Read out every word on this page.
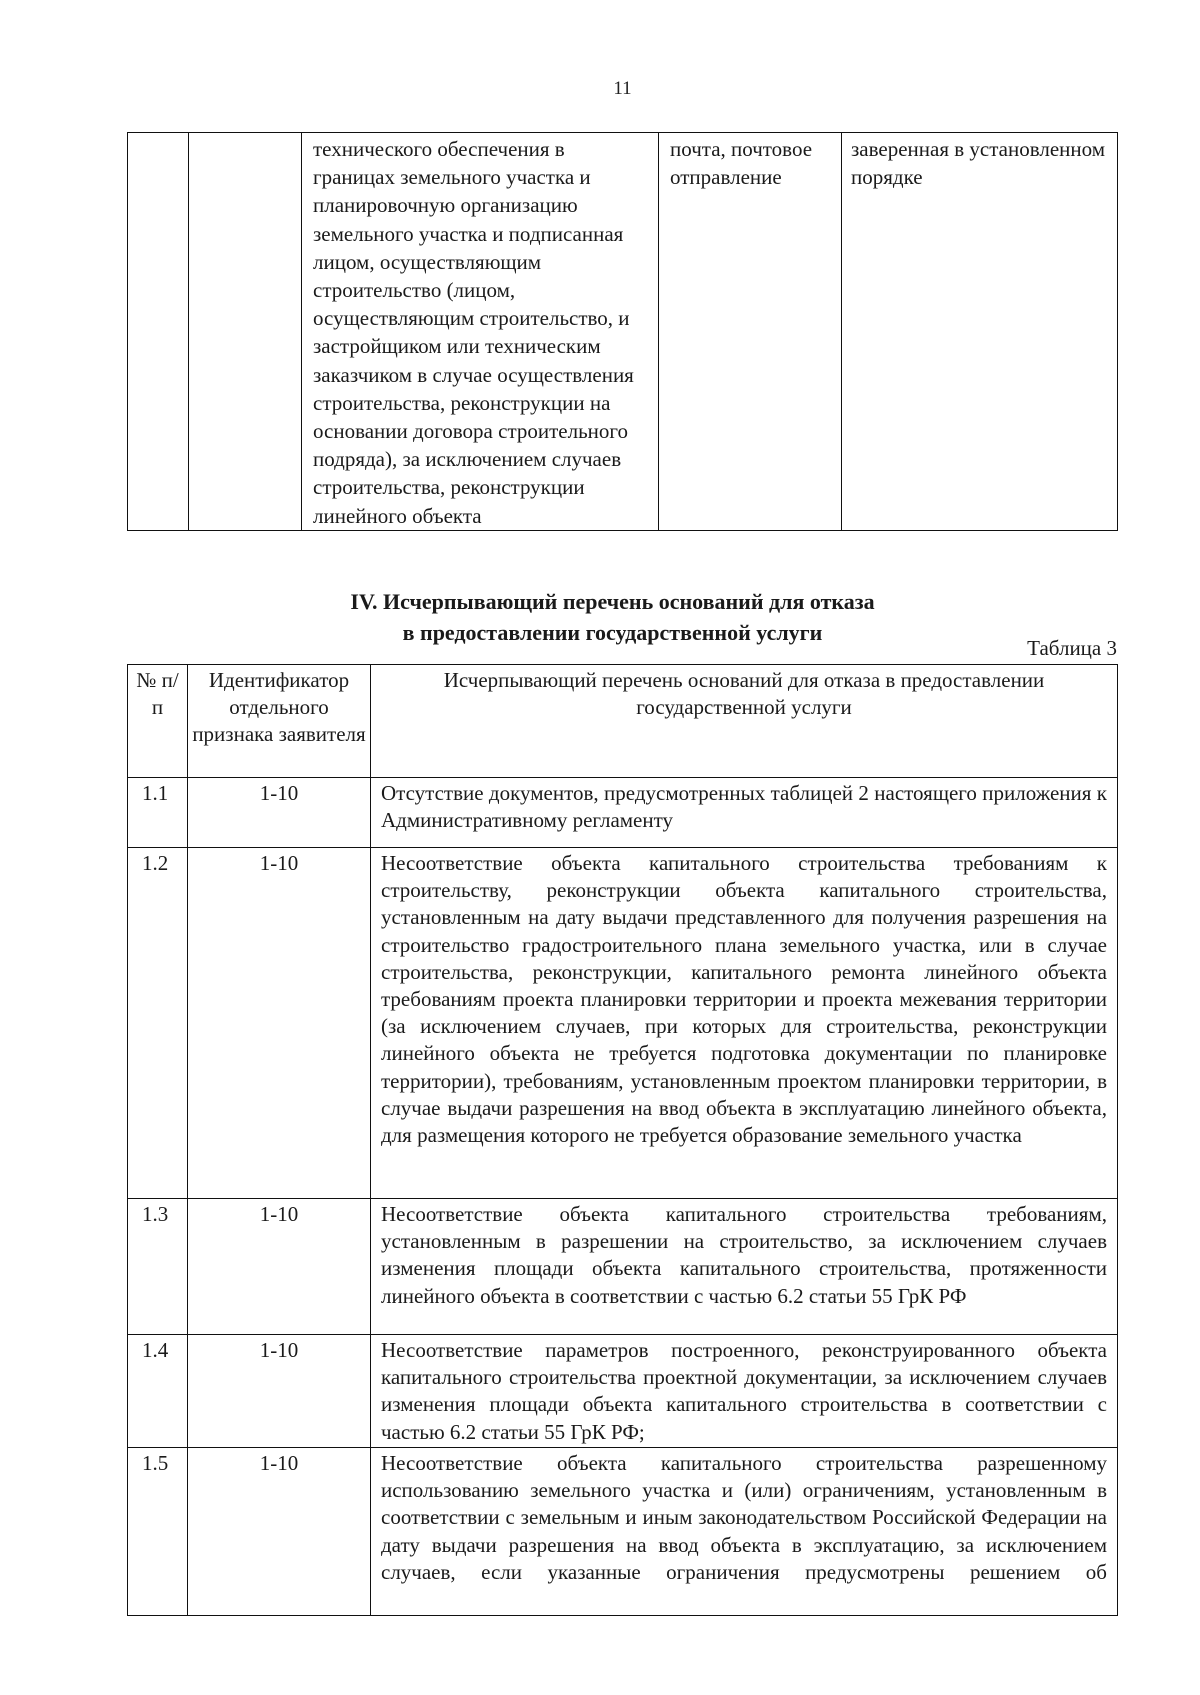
11
		технического обеспечения в границах земельного участка и планировочную организацию земельного участка и подписанная лицом, осуществляющим строительство (лицом, осуществляющим строительство, и застройщиком или техническим заказчиком в случае осуществления строительства, реконструкции на основании договора строительного подряда), за исключением случаев строительства, реконструкции линейного объекта	почта, почтовое отправление	заверенная в установленном порядке
IV. Исчерпывающий перечень оснований для отказа
в предоставлении государственной услуги
Таблица 3
№ п/п	Идентификатор отдельного признака заявителя	Исчерпывающий перечень оснований для отказа в предоставлении государственной услуги
1.1	1-10	Отсутствие документов, предусмотренных таблицей 2 настоящего приложения к Административному регламенту
1.2	1-10	Несоответствие объекта капитального строительства требованиям к строительству, реконструкции объекта капитального строительства, установленным на дату выдачи представленного для получения разрешения на строительство градостроительного плана земельного участка, или в случае строительства, реконструкции, капитального ремонта линейного объекта требованиям проекта планировки территории и проекта межевания территории (за исключением случаев, при которых для строительства, реконструкции линейного объекта не требуется подготовка документации по планировке территории), требованиям, установленным проектом планировки территории, в случае выдачи разрешения на ввод объекта в эксплуатацию линейного объекта, для размещения которого не требуется образование земельного участка
1.3	1-10	Несоответствие объекта капитального строительства требованиям, установленным в разрешении на строительство, за исключением случаев изменения площади объекта капитального строительства, протяженности линейного объекта в соответствии с частью 6.2 статьи 55 ГрК РФ
1.4	1-10	Несоответствие параметров построенного, реконструированного объекта капитального строительства проектной документации, за исключением случаев изменения площади объекта капитального строительства в соответствии с частью 6.2 статьи 55 ГрК РФ;
1.5	1-10	Несоответствие объекта капитального строительства разрешенному использованию земельного участка и (или) ограничениям, установленным в соответствии с земельным и иным законодательством Российской Федерации на дату выдачи разрешения на ввод объекта в эксплуатацию, за исключением случаев, если указанные ограничения предусмотрены решением об
